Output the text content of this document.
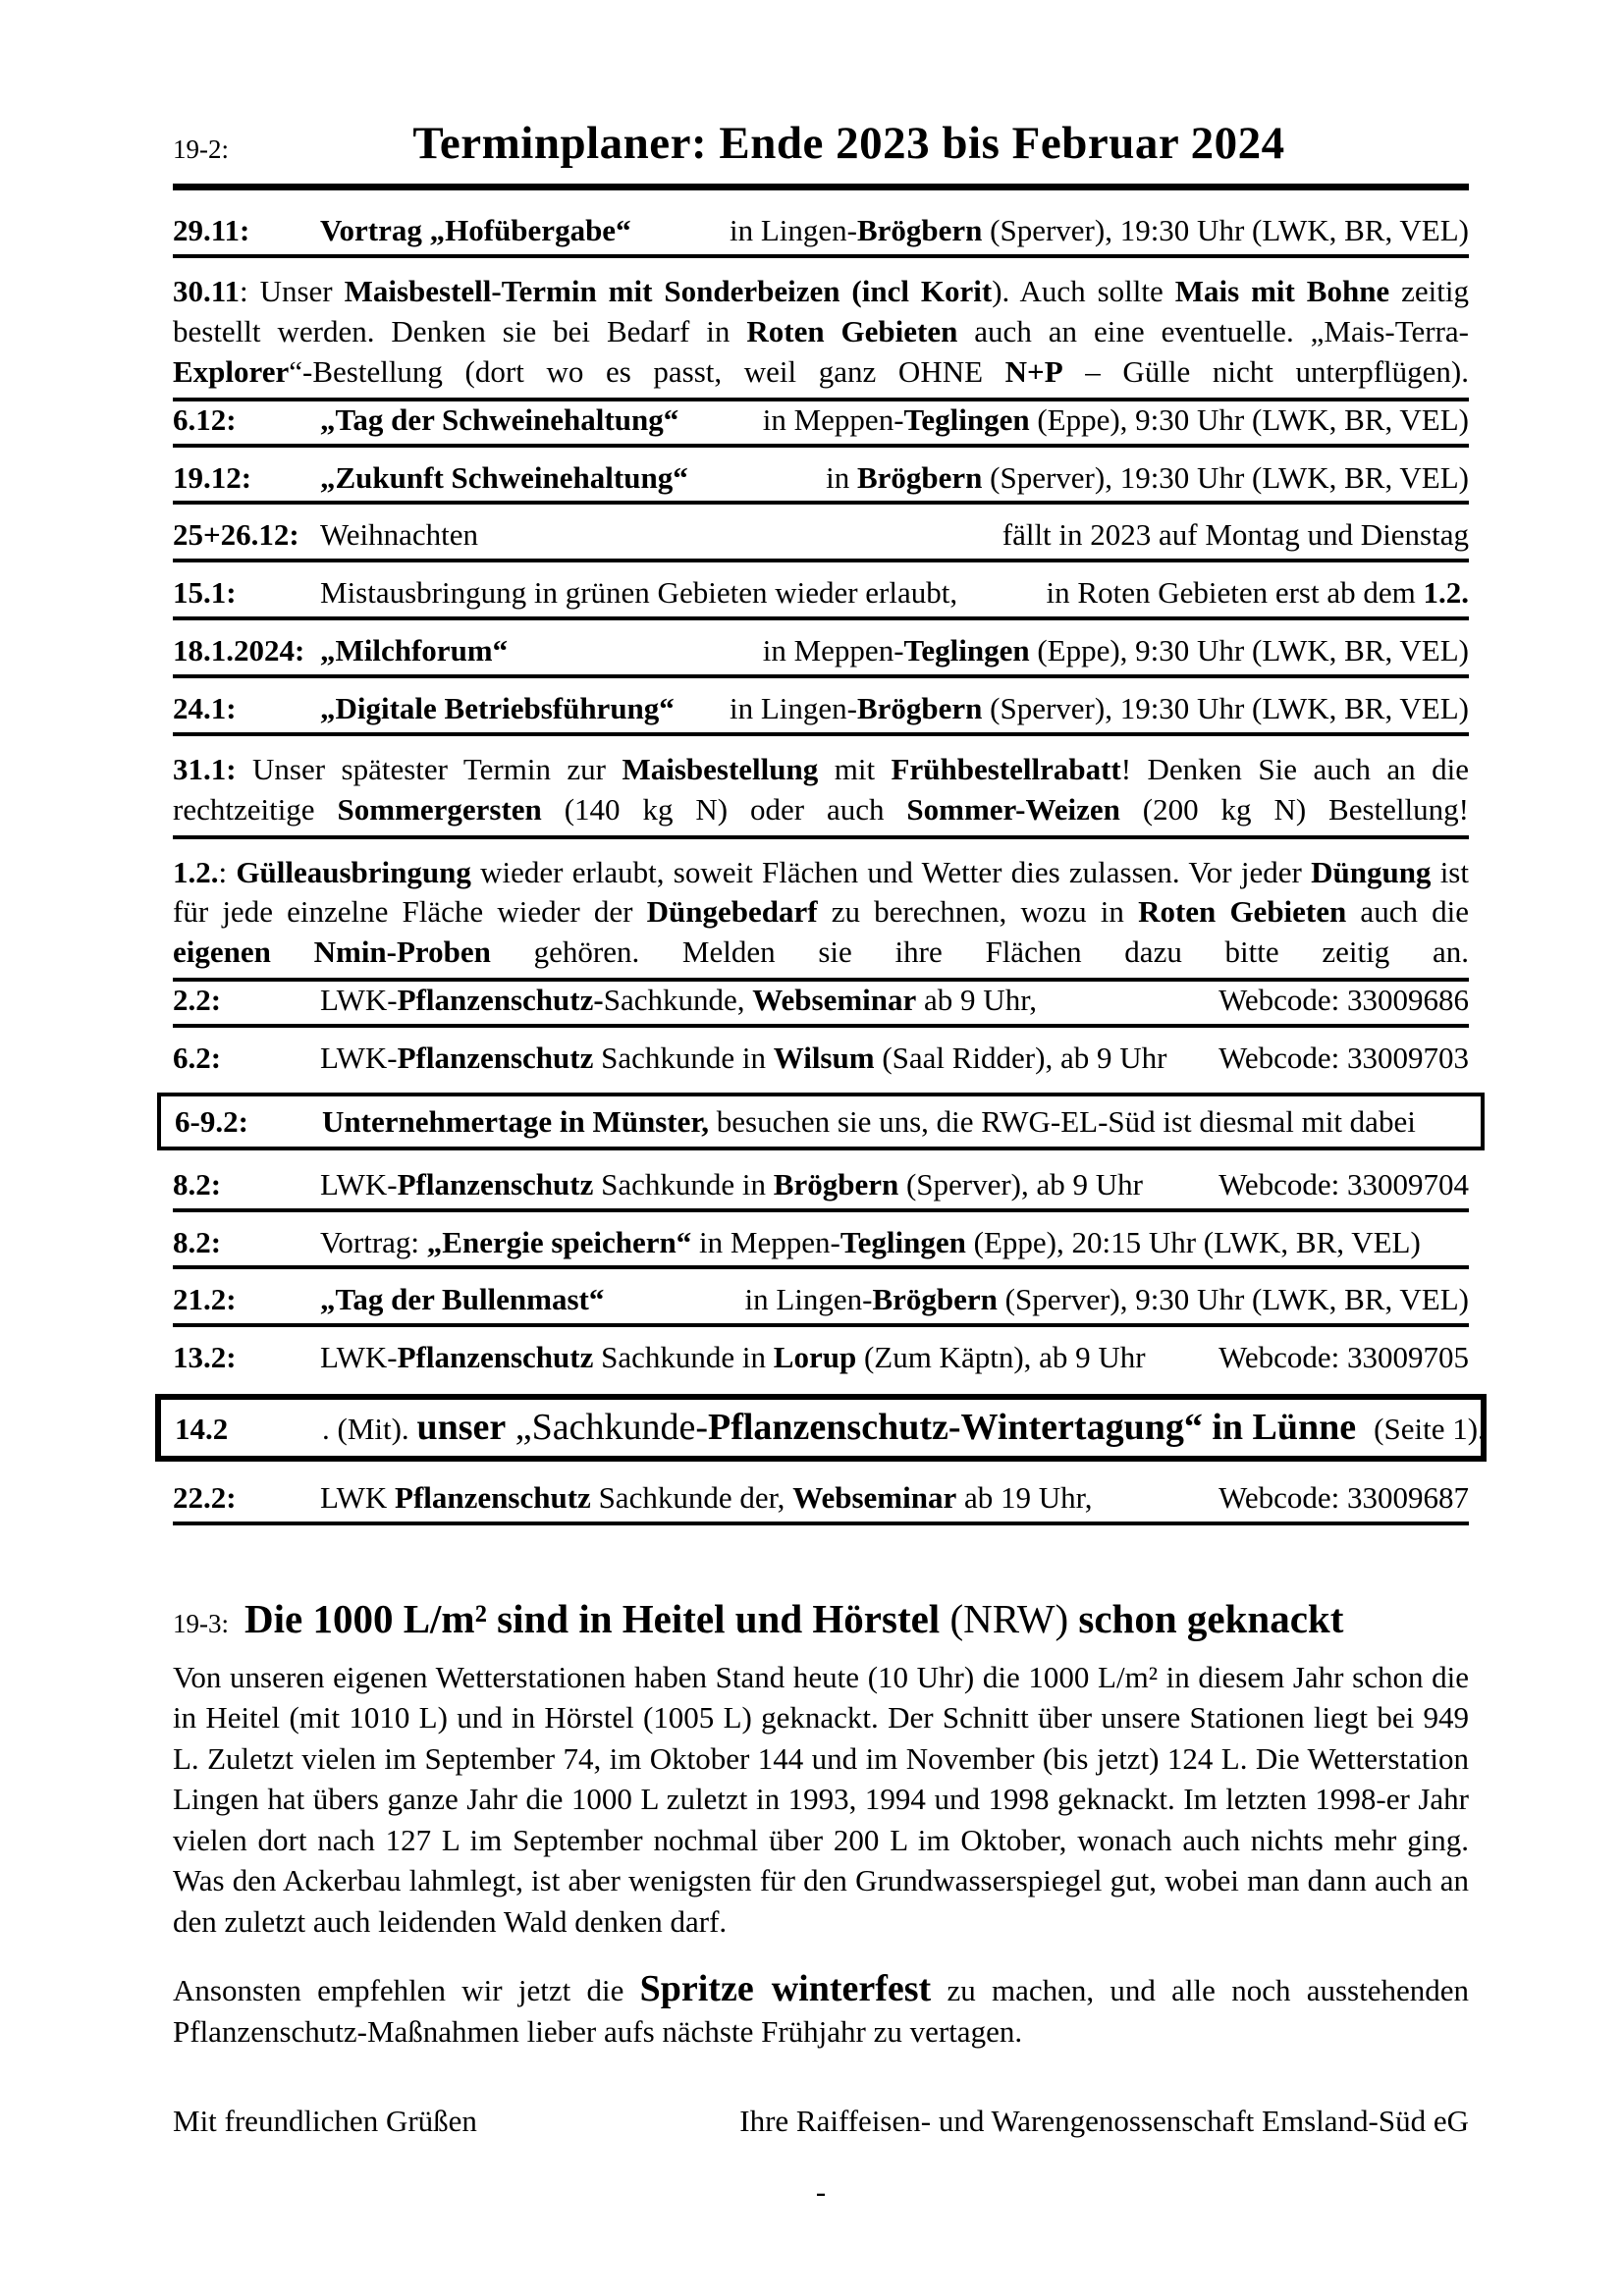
19-2:	Terminplaner: Ende 2023 bis Februar 2024
29.11:	Vortrag „Hofübergabe“	in Lingen-Brögbern (Sperver), 19:30 Uhr (LWK, BR, VEL)
30.11: Unser Maisbestell-Termin mit Sonderbeizen (incl Korit). Auch sollte Mais mit Bohne zeitig bestellt werden. Denken sie bei Bedarf in Roten Gebieten auch an eine eventuelle. „Mais-Terra-Explorer“-Bestellung (dort wo es passt, weil ganz OHNE N+P – Gülle nicht unterpflügen).
6.12:	„Tag der Schweinehaltung“	in Meppen-Teglingen (Eppe), 9:30 Uhr (LWK, BR, VEL)
19.12:	„Zukunft Schweinehaltung“	in Brögbern (Sperver), 19:30 Uhr (LWK, BR, VEL)
25+26.12: Weihnachten	fällt in 2023 auf Montag und Dienstag
15.1:	Mistausbringung in grünen Gebieten wieder erlaubt,	in Roten Gebieten erst ab dem 1.2.
18.1.2024: „Milchforum“	in Meppen-Teglingen (Eppe), 9:30 Uhr (LWK, BR, VEL)
24.1:	„Digitale Betriebsführung“	in Lingen-Brögbern (Sperver), 19:30 Uhr (LWK, BR, VEL)
31.1: Unser spätester Termin zur Maisbestellung mit Frühbestellrabatt! Denken Sie auch an die rechtzeitige Sommergersten (140 kg N) oder auch Sommer-Weizen (200 kg N) Bestellung!
1.2.: Gülleausbringung wieder erlaubt, soweit Flächen und Wetter dies zulassen. Vor jeder Düngung ist für jede einzelne Fläche wieder der Düngebedarf zu berechnen, wozu in Roten Gebieten auch die eigenen Nmin-Proben gehören. Melden sie ihre Flächen dazu bitte zeitig an.
2.2:	LWK-Pflanzenschutz-Sachkunde, Webseminar ab 9 Uhr,	Webcode: 33009686
6.2:	LWK-Pflanzenschutz Sachkunde in Wilsum (Saal Ridder), ab 9 Uhr	Webcode: 33009703
6-9.2:	Unternehmertage in Münster, besuchen sie uns, die RWG-EL-Süd ist diesmal mit dabei
8.2:	LWK-Pflanzenschutz Sachkunde in Brögbern (Sperver), ab 9 Uhr	Webcode: 33009704
8.2:	Vortrag: „Energie speichern“ in Meppen-Teglingen (Eppe), 20:15 Uhr (LWK, BR, VEL)
21.2:	„Tag der Bullenmast“	in Lingen-Brögbern (Sperver), 9:30 Uhr (LWK, BR, VEL)
13.2:	LWK-Pflanzenschutz Sachkunde in Lorup (Zum Käptn), ab 9 Uhr	Webcode: 33009705
14.2	. (Mit). unser „Sachkunde-Pflanzenschutz-Wintertagung“ in Lünne (Seite 1).
22.2:	LWK Pflanzenschutz Sachkunde der, Webseminar ab 19 Uhr,	Webcode: 33009687
19-3: Die 1000 L/m² sind in Heitel und Hörstel (NRW) schon geknackt

Von unseren eigenen Wetterstationen haben Stand heute (10 Uhr) die 1000 L/m² in diesem Jahr schon die in Heitel (mit 1010 L) und in Hörstel (1005 L) geknackt. Der Schnitt über unsere Stationen liegt bei 949 L. Zuletzt vielen im September 74, im Oktober 144 und im November (bis jetzt) 124 L. Die Wetterstation Lingen hat übers ganze Jahr die 1000 L zuletzt in 1993, 1994 und 1998 geknackt. Im letzten 1998-er Jahr vielen dort nach 127 L im September nochmal über 200 L im Oktober, wonach auch nichts mehr ging. Was den Ackerbau lahmlegt, ist aber wenigsten für den Grundwasserspiegel gut, wobei man dann auch an den zuletzt auch leidenden Wald denken darf.

Ansonsten empfehlen wir jetzt die Spritze winterfest zu machen, und alle noch ausstehenden Pflanzenschutz-Maßnahmen lieber aufs nächste Frühjahr zu vertagen.

Mit freundlichen Grüßen	Ihre Raiffeisen- und Warengenossenschaft Emsland-Süd eG
-
